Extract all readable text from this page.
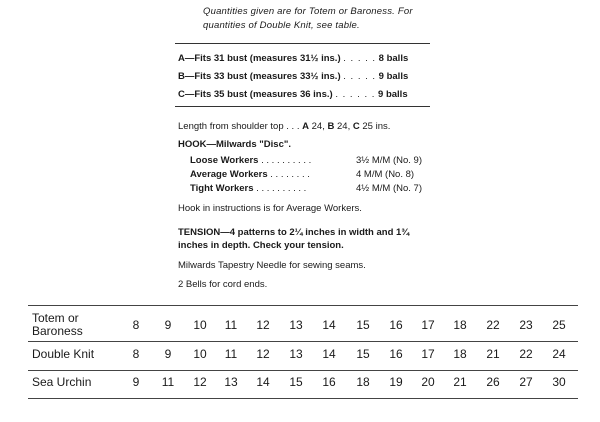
Quantities given are for Totem or Baroness. For
quantities of Double Knit, see table.
A—Fits 31 bust (measures 31½ ins.) . . . . . 8 balls
B—Fits 33 bust (measures 33½ ins.) . . . . . 9 balls
C—Fits 35 bust (measures 36 ins.) . . . . . . 9 balls
Length from shoulder top . . . A 24, B 24, C 25 ins.
HOOK—Milwards "Disc".
Loose Workers . . . . . . . . . .	3½ M/M (No. 9)
Average Workers . . . . . . . .	4 M/M (No. 8)
Tight Workers . . . . . . . . . .	4½ M/M (No. 7)
Hook in instructions is for Average Workers.
TENSION—4 patterns to 2¼ inches in width and 1¾
inches in depth. Check your tension.
Milwards Tapestry Needle for sewing seams.
2 Bells for cord ends.
Totem or
Baroness	8	9	10	11	12	13	14	15	16	17	18	22	23	25
Double Knit	8	9	10	11	12	13	14	15	16	17	18	21	22	24
Sea Urchin	9	11	12	13	14	15	16	18	19	20	21	26	27	30
